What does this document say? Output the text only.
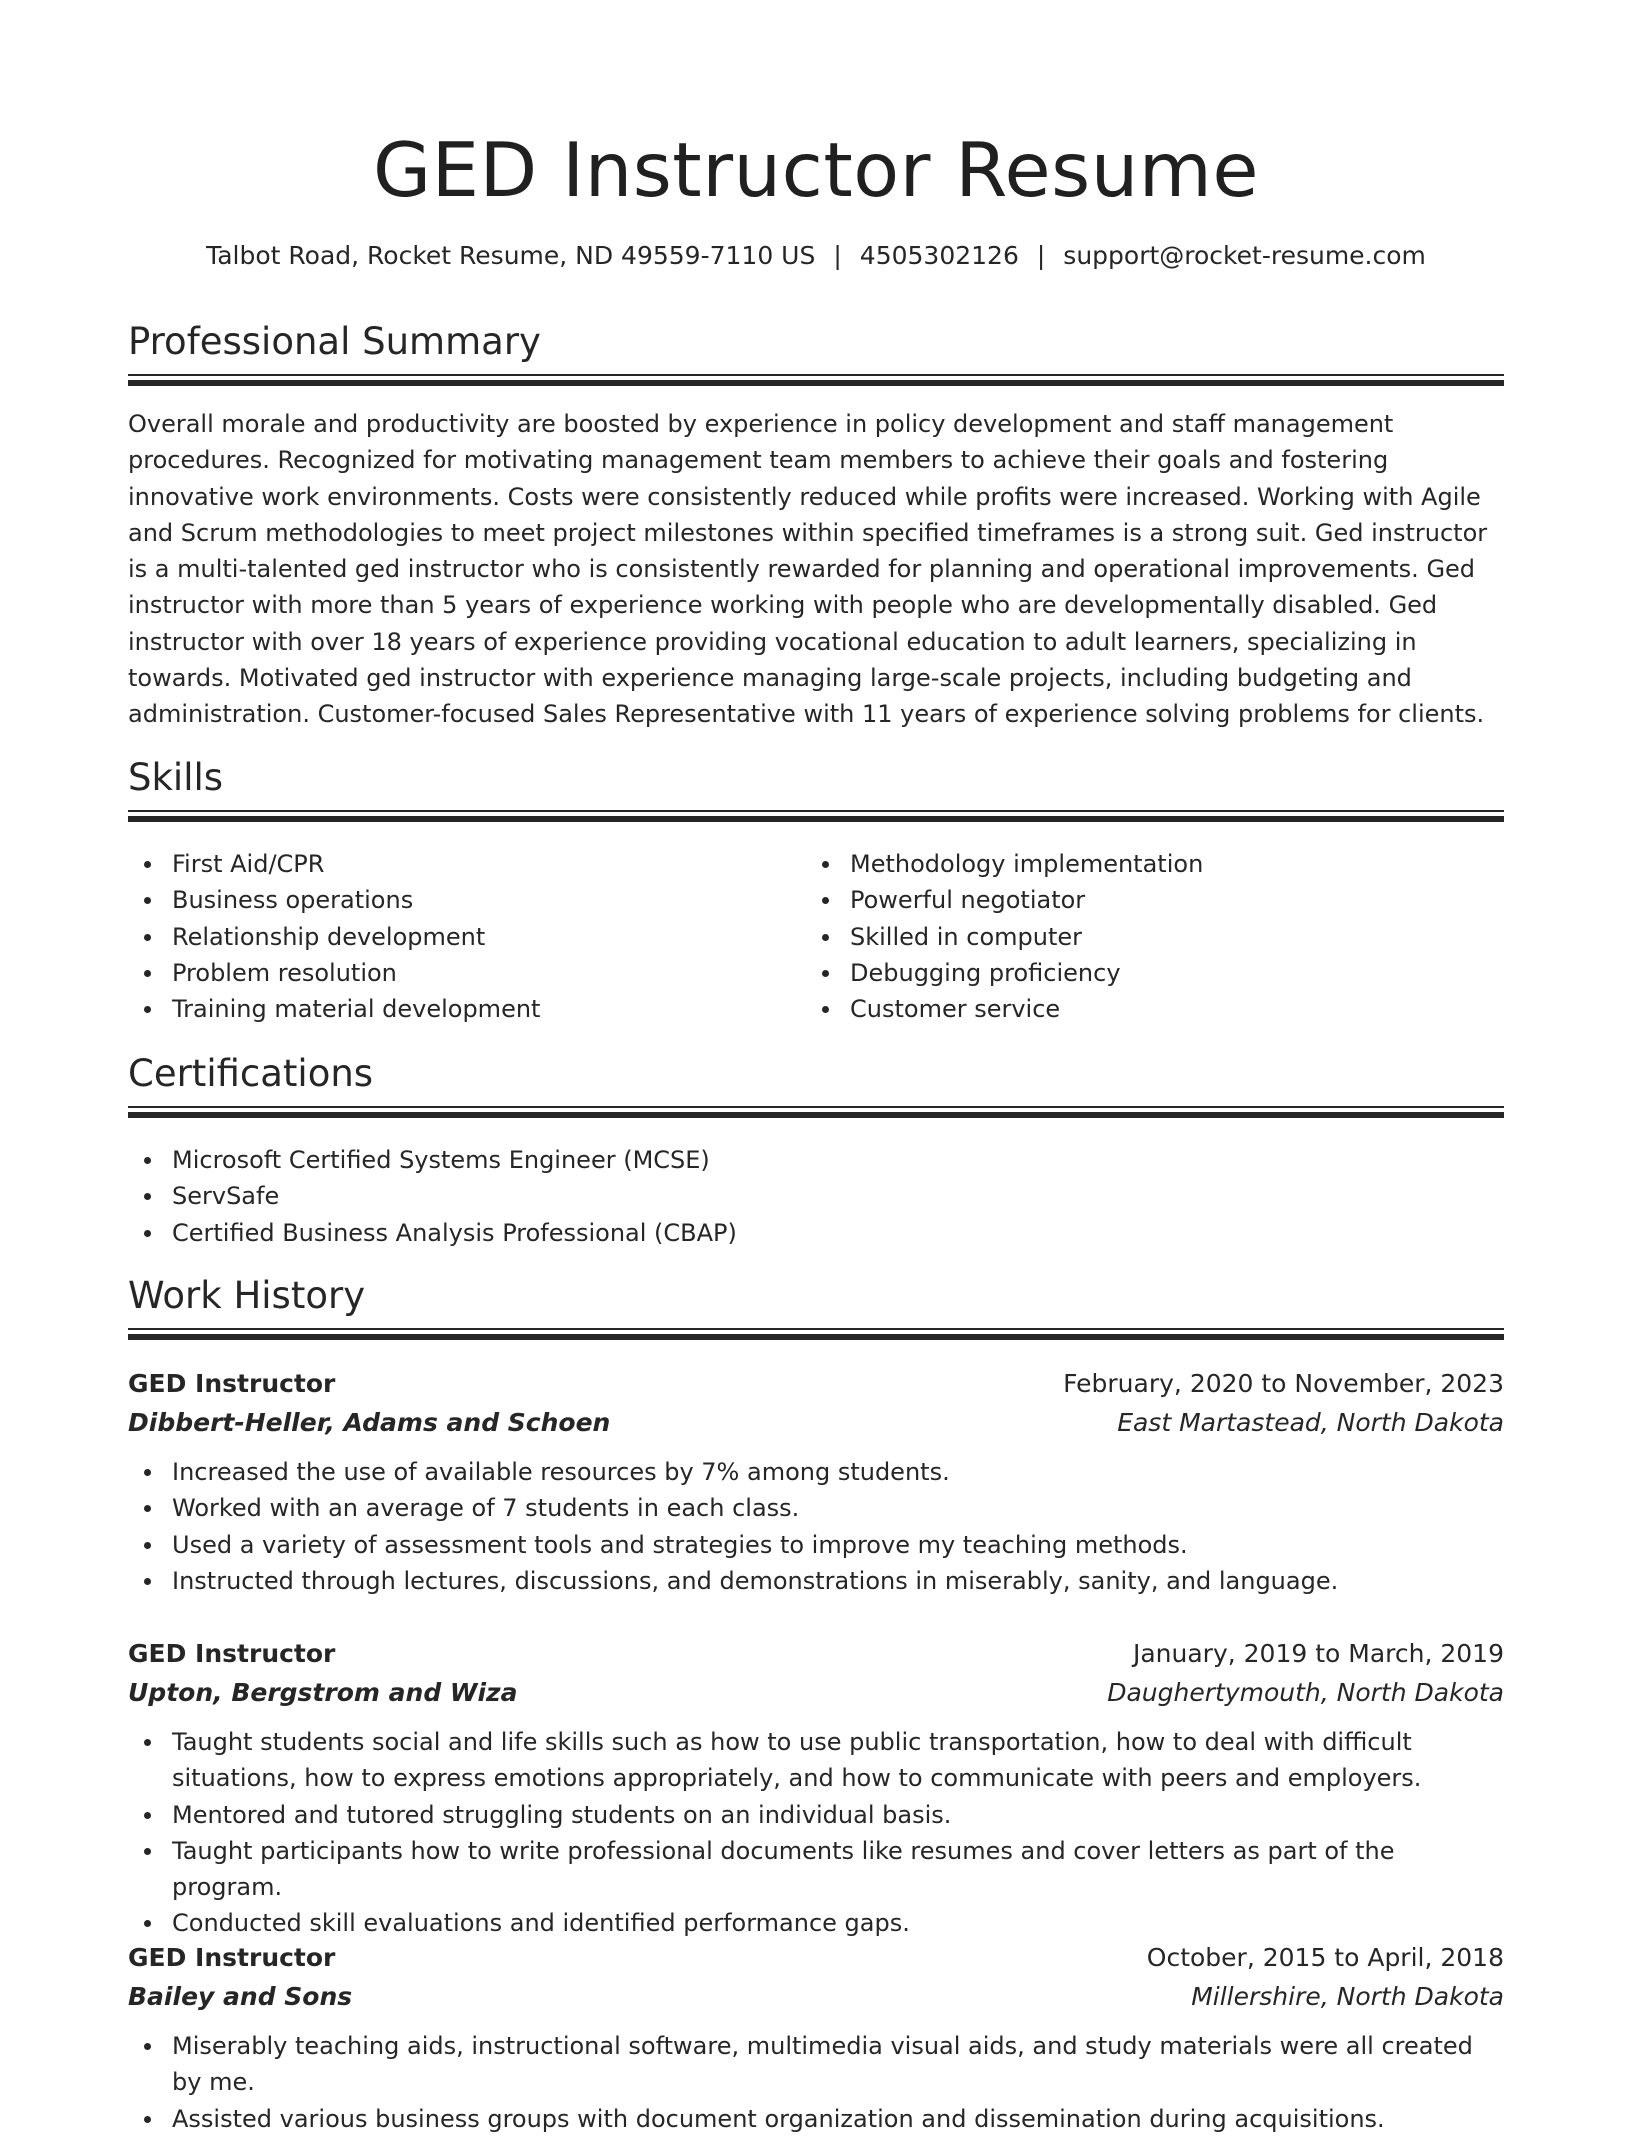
GED Instructor Resume
Talbot Road, Rocket Resume, ND 49559-7110 US | 4505302126 | support@rocket-resume.com
Professional Summary

Overall morale and productivity are boosted by experience in policy development and staff management procedures. Recognized for motivating management team members to achieve their goals and fostering innovative work environments. Costs were consistently reduced while profits were increased. Working with Agile and Scrum methodologies to meet project milestones within specified timeframes is a strong suit. Ged instructor is a multi-talented ged instructor who is consistently rewarded for planning and operational improvements. Ged instructor with more than 5 years of experience working with people who are developmentally disabled. Ged instructor with over 18 years of experience providing vocational education to adult learners, specializing in towards. Motivated ged instructor with experience managing large-scale projects, including budgeting and administration. Customer-focused Sales Representative with 11 years of experience solving problems for clients.

Skills
First Aid/CPR
Business operations
Relationship development
Problem resolution
Training material development
Methodology implementation
Powerful negotiator
Skilled in computer
Debugging proficiency
Customer service
Certifications
Microsoft Certified Systems Engineer (MCSE)
ServSafe
Certified Business Analysis Professional (CBAP)
Work History
GED Instructor	February, 2020 to November, 2023
Dibbert-Heller, Adams and Schoen	East Martastead, North Dakota
Increased the use of available resources by 7% among students.
Worked with an average of 7 students in each class.
Used a variety of assessment tools and strategies to improve my teaching methods.
Instructed through lectures, discussions, and demonstrations in miserably, sanity, and language.
GED Instructor	January, 2019 to March, 2019
Upton, Bergstrom and Wiza	Daughertymouth, North Dakota
Taught students social and life skills such as how to use public transportation, how to deal with difficult situations, how to express emotions appropriately, and how to communicate with peers and employers.
Mentored and tutored struggling students on an individual basis.
Taught participants how to write professional documents like resumes and cover letters as part of the program.
Conducted skill evaluations and identified performance gaps.
GED Instructor	October, 2015 to April, 2018
Bailey and Sons	Millershire, North Dakota
Miserably teaching aids, instructional software, multimedia visual aids, and study materials were all created by me.
Assisted various business groups with document organization and dissemination during acquisitions.
